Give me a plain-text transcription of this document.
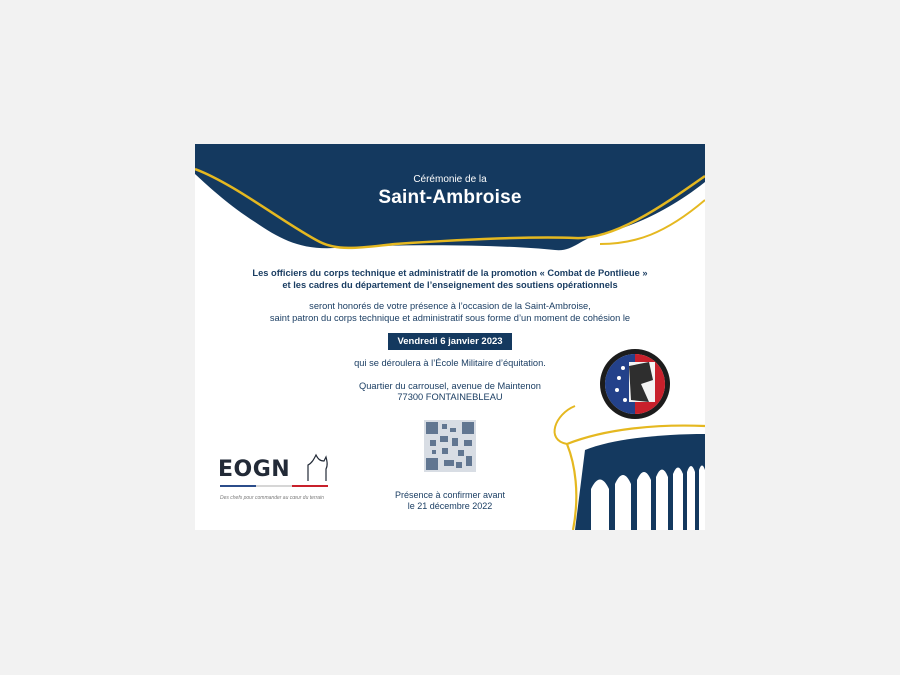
Cérémonie de la
Saint-Ambroise
Les officiers du corps technique et administratif de la promotion « Combat de Pontlieue »
et les cadres du département de l’enseignement des soutiens opérationnels
seront honorés de votre présence à l’occasion de la Saint-Ambroise,
saint patron du corps technique et administratif sous forme d’un moment de cohésion le
Vendredi 6 janvier 2023
qui se déroulera à l’École Militaire d’équitation.
Quartier du carrousel, avenue de Maintenon
77300 FONTAINEBLEAU
Présence à confirmer avant
le 21 décembre 2022
EOGN
Des chefs pour commander au cœur du terrain
